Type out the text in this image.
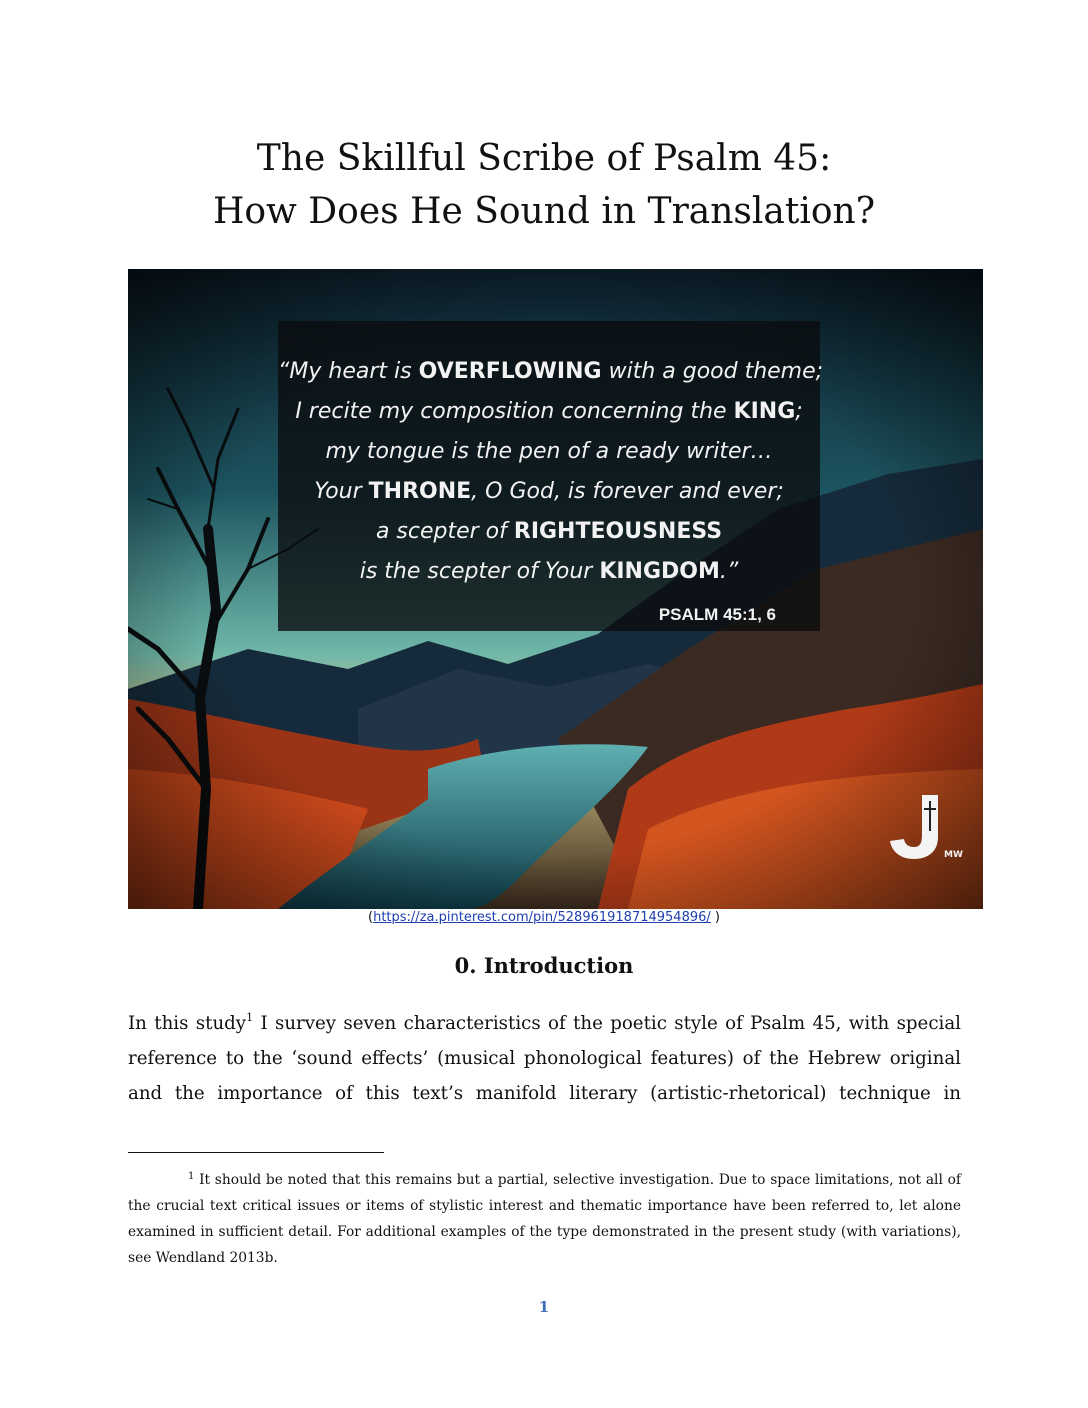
The Skillful Scribe of Psalm 45:
How Does He Sound in Translation?
“My heart is OVERFLOWING with a good theme;
I recite my composition concerning the KING;
my tongue is the pen of a ready writer…
Your THRONE, O God, is forever and ever;
a scepter of RIGHTEOUSNESS
is the scepter of Your KINGDOM.”
PSALM 45:1, 6
MW
(https://za.pinterest.com/pin/528961918714954896/ )
0. Introduction

In this study$^1$ I survey seven characteristics of the poetic style of Psalm 45, with special reference to the ‘sound effects’ (musical phonological features) of the Hebrew original and the importance of this text’s manifold literary (artistic-rhetorical) technique in

$^1$ It should be noted that this remains but a partial, selective investigation. Due to space limitations, not all of the crucial text critical issues or items of stylistic interest and thematic importance have been referred to, let alone examined in sufficient detail. For additional examples of the type demonstrated in the present study (with variations), see Wendland 2013b.

1
